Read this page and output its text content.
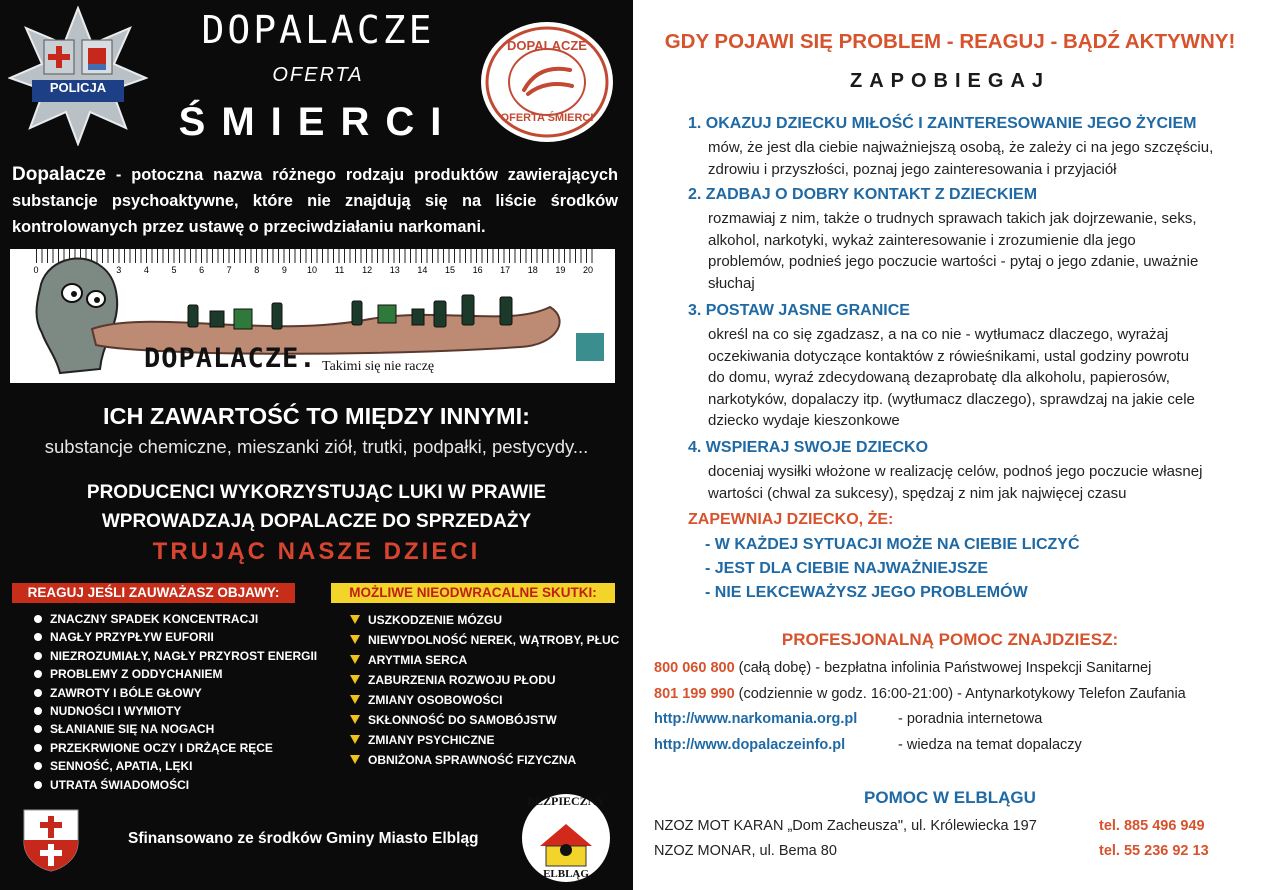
POLICJA
DOPALACZE
OFERTA
ŚMIERCI
DOPALACZE
OFERTA ŚMIERCI
Dopalacze - potoczna nazwa różnego rodzaju produktów zawierających substancje psychoaktywne, które nie znajdują się na liście środków kontrolowanych przez ustawę o przeciwdziałaniu narkomani.
0	3	4	5	6	7	8	9	10	11	12	13	14	15	16	17	18	19	20
DOPALACZE. Takimi się nie raczę
ICH ZAWARTOŚĆ TO MIĘDZY INNYMI:
substancje chemiczne, mieszanki ziół, trutki, podpałki, pestycydy...
PRODUCENCI WYKORZYSTUJĄC LUKI W PRAWIE
WPROWADZAJĄ DOPALACZE DO SPRZEDAŻY
TRUJĄC NASZE DZIECI
REAGUJ JEŚLI ZAUWAŻASZ OBJAWY:	MOŻLIWE NIEODWRACALNE SKUTKI:
ZNACZNY SPADEK KONCENTRACJI
NAGŁY PRZYPŁYW EUFORII
NIEZROZUMIAŁY, NAGŁY PRZYROST ENERGII
PROBLEMY Z ODDYCHANIEM
ZAWROTY I BÓLE GŁOWY
NUDNOŚCI I WYMIOTY
SŁANIANIE SIĘ NA NOGACH
PRZEKRWIONE OCZY I DRŻĄCE RĘCE
SENNOŚĆ, APATIA, LĘKI
UTRATA ŚWIADOMOŚCI
USZKODZENIE MÓZGU
NIEWYDOLNOŚĆ NEREK, WĄTROBY, PŁUC
ARYTMIA SERCA
ZABURZENIA ROZWOJU PŁODU
ZMIANY OSOBOWOŚCI
SKŁONNOŚĆ DO SAMOBÓJSTW
ZMIANY PSYCHICZNE
OBNIŻONA SPRAWNOŚĆ FIZYCZNA
Sfinansowano ze środków Gminy Miasto Elbląg
BEZPIECZNY
ELBLĄG
GDY POJAWI SIĘ PROBLEM - REAGUJ - BĄDŹ AKTYWNY!
ZAPOBIEGAJ
1. OKAZUJ DZIECKU MIŁOŚĆ I ZAINTERESOWANIE JEGO ŻYCIEM
mów, że jest dla ciebie najważniejszą osobą, że zależy ci na jego szczęściu,
zdrowiu i przyszłości, poznaj jego zainteresowania i przyjaciół
2. ZADBAJ O DOBRY KONTAKT Z DZIECKIEM
rozmawiaj z nim, także o trudnych sprawach takich jak dojrzewanie, seks,
alkohol, narkotyki, wykaż zainteresowanie i zrozumienie dla jego
problemów, podnieś jego poczucie wartości - pytaj o jego zdanie, uważnie
słuchaj
3. POSTAW JASNE GRANICE
określ na co się zgadzasz, a na co nie - wytłumacz dlaczego, wyrażaj
oczekiwania dotyczące kontaktów z rówieśnikami, ustal godziny powrotu
do domu, wyraź zdecydowaną dezaprobatę dla alkoholu, papierosów,
narkotyków, dopalaczy itp. (wytłumacz dlaczego), sprawdzaj na jakie cele
dziecko wydaje kieszonkowe
4. WSPIERAJ SWOJE DZIECKO
doceniaj wysiłki włożone w realizację celów, podnoś jego poczucie własnej
wartości (chwal za sukcesy), spędzaj z nim jak najwięcej czasu
ZAPEWNIAJ DZIECKO, ŻE:
- W KAŻDEJ SYTUACJI MOŻE NA CIEBIE LICZYĆ
- JEST DLA CIEBIE NAJWAŻNIEJSZE
- NIE LEKCEWAŻYSZ JEGO PROBLEMÓW
PROFESJONALNĄ POMOC ZNAJDZIESZ:
800 060 800 (całą dobę) - bezpłatna infolinia Państwowej Inspekcji Sanitarnej
801 199 990 (codziennie w godz. 16:00-21:00) - Antynarkotykowy Telefon Zaufania
http://www.narkomania.org.pl	- poradnia internetowa
http://www.dopalaczeinfo.pl	- wiedza na temat dopalaczy
POMOC W ELBLĄGU
NZOZ MOT KARAN „Dom Zacheusza", ul. Królewiecka 197	tel. 885 496 949
NZOZ MONAR, ul. Bema 80	tel. 55 236 92 13
